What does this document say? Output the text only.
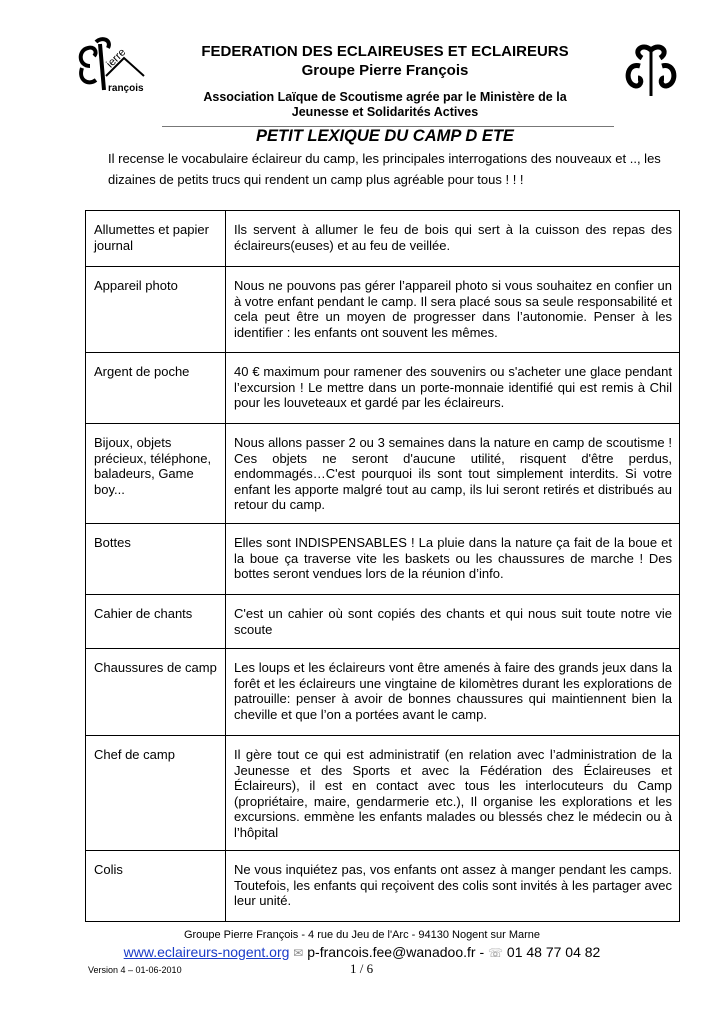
ierre
rançois
FEDERATION DES ECLAIREUSES ET ECLAIREURS
Groupe Pierre François
Association Laïque de Scoutisme agrée par le Ministère de la
Jeunesse et Solidarités Actives
PETIT LEXIQUE DU CAMP D ETE
Il recense le vocabulaire éclaireur du camp, les principales interrogations des nouveaux et .., les dizaines de petits trucs qui rendent un camp plus agréable pour tous ! ! !
Allumettes et papier journal	Ils servent à allumer le feu de bois qui sert à la cuisson des repas des éclaireurs(euses) et au feu de veillée.
Appareil photo	Nous ne pouvons pas gérer l’appareil photo si vous souhaitez en confier un à votre enfant pendant le camp. Il sera placé sous sa seule responsabilité et cela peut être un moyen de progresser dans l’autonomie. Penser à les identifier : les enfants ont souvent les mêmes.
Argent de poche	40 € maximum pour ramener des souvenirs ou s'acheter une glace pendant l’excursion ! Le mettre dans un porte-monnaie identifié qui est remis à Chil pour les louveteaux et gardé par les éclaireurs.
Bijoux, objets précieux, téléphone, baladeurs, Game boy...	Nous allons passer 2 ou 3 semaines dans la nature en camp de scoutisme ! Ces objets ne seront d'aucune utilité, risquent d'être perdus, endommagés…C'est pourquoi ils sont tout simplement interdits. Si votre enfant les apporte malgré tout au camp, ils lui seront retirés et distribués au retour du camp.
Bottes	Elles sont INDISPENSABLES ! La pluie dans la nature ça fait de la boue et la boue ça traverse vite les baskets ou les chaussures de marche ! Des bottes seront vendues lors de la réunion d’info.
Cahier de chants	C'est un cahier où sont copiés des chants et qui nous suit toute notre vie scoute
Chaussures de camp	Les loups et les éclaireurs vont être amenés à faire des grands jeux dans la forêt et les éclaireurs une vingtaine de kilomètres durant les explorations de patrouille: penser à avoir de bonnes chaussures qui maintiennent bien la cheville et que l’on a portées avant le camp.
Chef de camp	Il gère tout ce qui est administratif (en relation avec l’administration de la Jeunesse et des Sports et avec la Fédération des Éclaireuses et Éclaireurs), il est en contact avec tous les interlocuteurs du Camp (propriétaire, maire, gendarmerie etc.), Il organise les explorations et les excursions. emmène les enfants malades ou blessés chez le médecin ou à l’hôpital
Colis	Ne vous inquiétez pas, vos enfants ont assez à manger pendant les camps. Toutefois, les enfants qui reçoivent des colis sont invités à les partager avec leur unité.
Groupe Pierre François - 4 rue du Jeu de l'Arc - 94130 Nogent sur Marne
www.eclaireurs-nogent.org ✉ p-francois.fee@wanadoo.fr - ☏ 01 48 77 04 82
Version 4 – 01-06-2010	1 / 6
